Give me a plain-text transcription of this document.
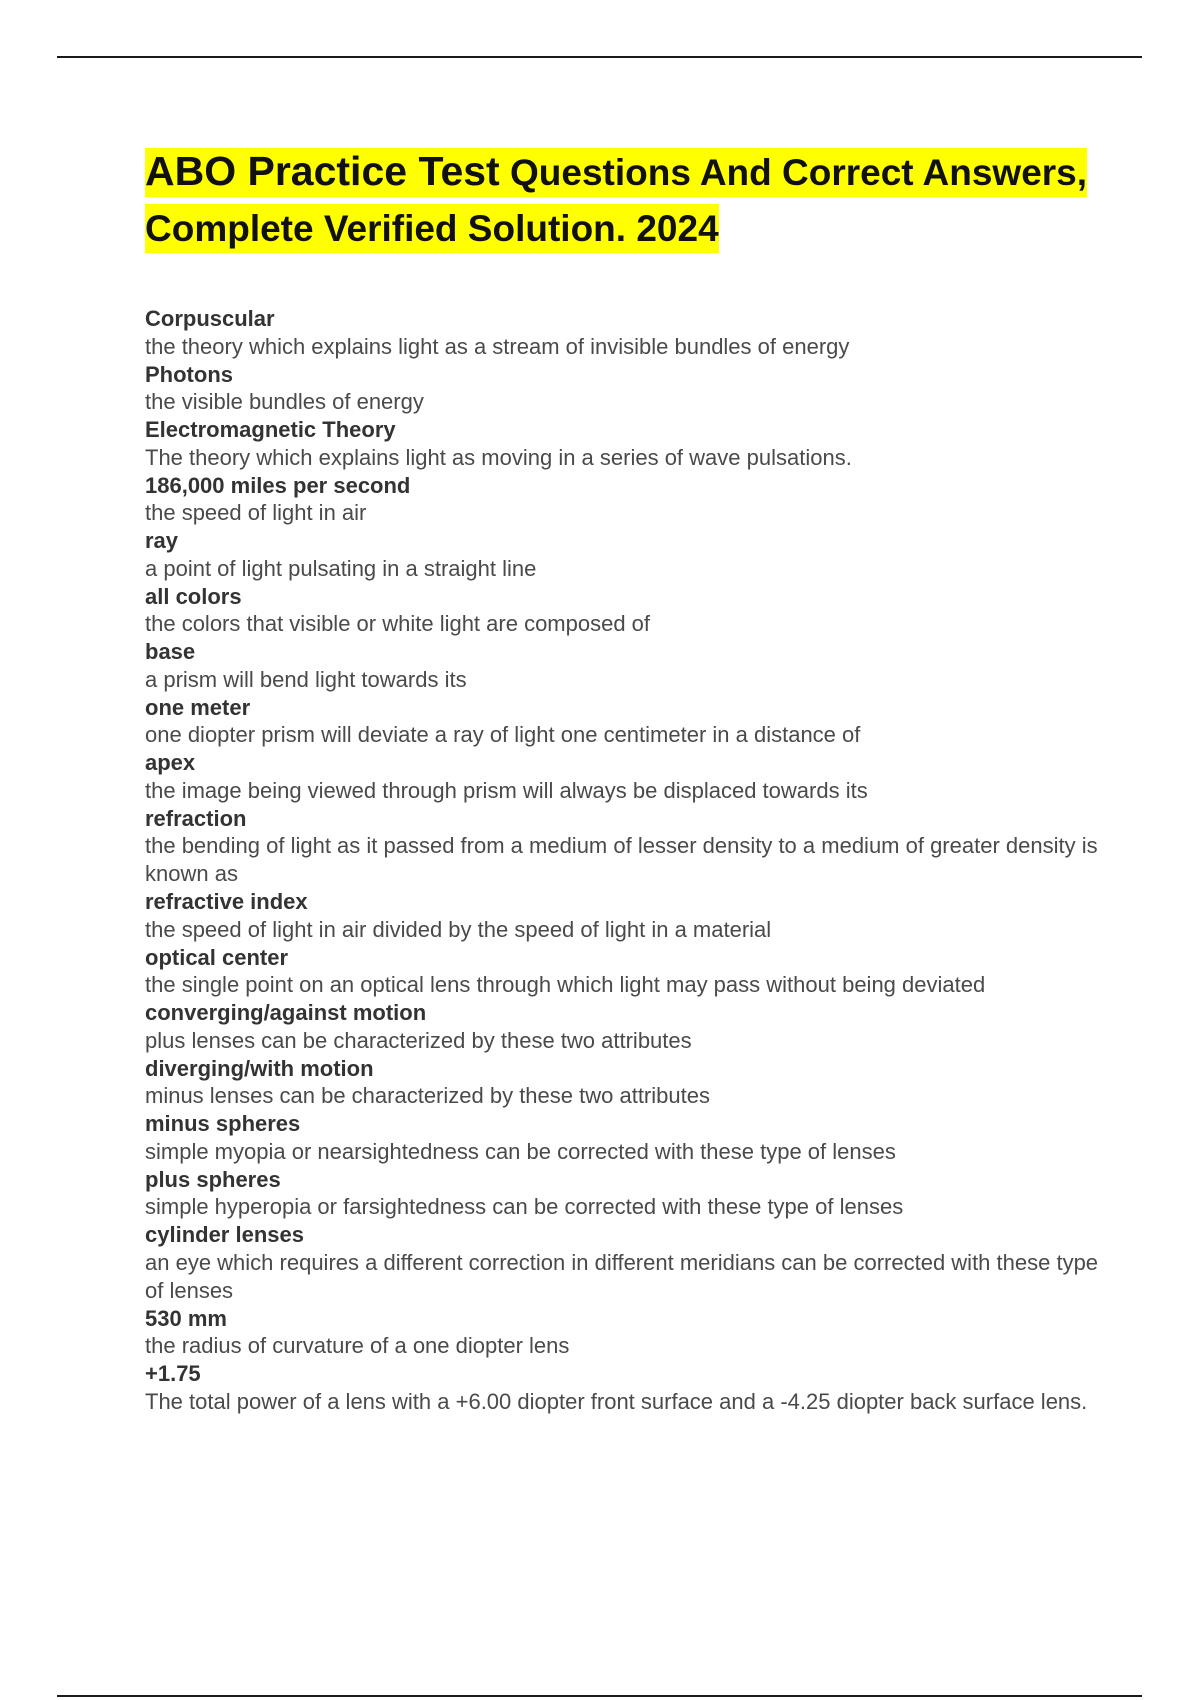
ABO Practice Test Questions And Correct Answers, Complete Verified Solution. 2024
Corpuscular
the theory which explains light as a stream of invisible bundles of energy
Photons
the visible bundles of energy
Electromagnetic Theory
The theory which explains light as moving in a series of wave pulsations.
186,000 miles per second
the speed of light in air
ray
a point of light pulsating in a straight line
all colors
the colors that visible or white light are composed of
base
a prism will bend light towards its
one meter
one diopter prism will deviate a ray of light one centimeter in a distance of
apex
the image being viewed through prism will always be displaced towards its
refraction
the bending of light as it passed from a medium of lesser density to a medium of greater density is known as
refractive index
the speed of light in air divided by the speed of light in a material
optical center
the single point on an optical lens through which light may pass without being deviated
converging/against motion
plus lenses can be characterized by these two attributes
diverging/with motion
minus lenses can be characterized by these two attributes
minus spheres
simple myopia or nearsightedness can be corrected with these type of lenses
plus spheres
simple hyperopia or farsightedness can be corrected with these type of lenses
cylinder lenses
an eye which requires a different correction in different meridians can be corrected with these type of lenses
530 mm
the radius of curvature of a one diopter lens
+1.75
The total power of a lens with a +6.00 diopter front surface and a -4.25 diopter back surface lens.
